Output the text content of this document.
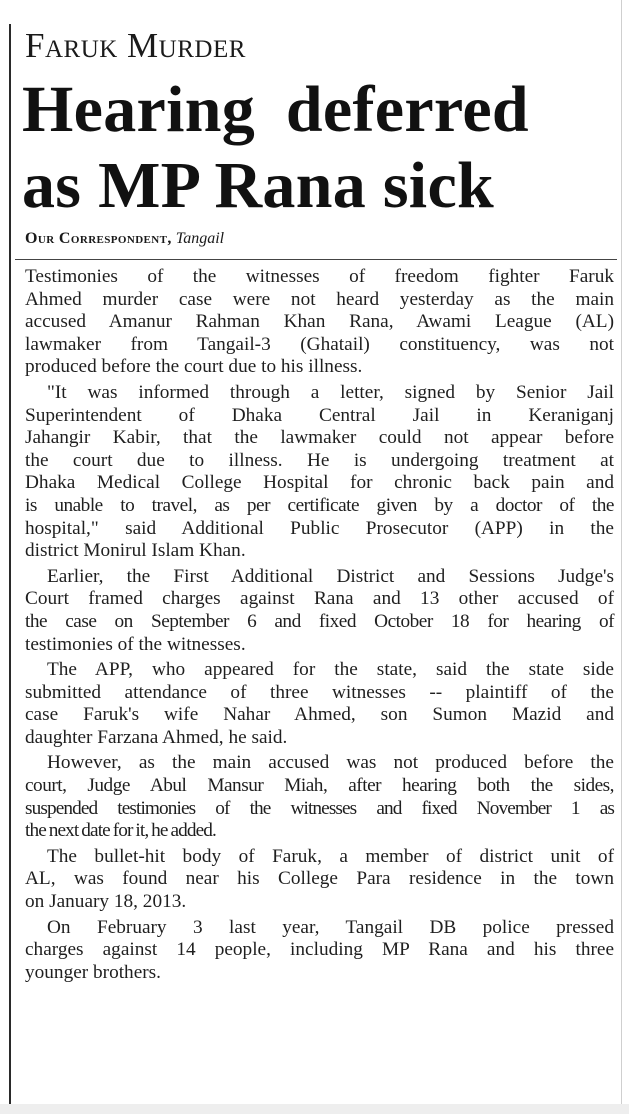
Faruk Murder
Hearing deferred
as MP Rana sick
Our Correspondent, Tangail

Testimonies of the witnesses of freedom fighter Faruk
Ahmed murder case were not heard yesterday as the main
accused Amanur Rahman Khan Rana, Awami League (AL)
lawmaker from Tangail-3 (Ghatail) constituency, was not
produced before the court due to his illness.

"It was informed through a letter, signed by Senior Jail
Superintendent of Dhaka Central Jail in Keraniganj
Jahangir Kabir, that the lawmaker could not appear before
the court due to illness. He is undergoing treatment at
Dhaka Medical College Hospital for chronic back pain and
is unable to travel, as per certificate given by a doctor of the
hospital," said Additional Public Prosecutor (APP) in the
district Monirul Islam Khan.

Earlier, the First Additional District and Sessions Judge's
Court framed charges against Rana and 13 other accused of
the case on September 6 and fixed October 18 for hearing of
testimonies of the witnesses.

The APP, who appeared for the state, said the state side
submitted attendance of three witnesses -- plaintiff of the
case Faruk's wife Nahar Ahmed, son Sumon Mazid and
daughter Farzana Ahmed, he said.

However, as the main accused was not produced before the
court, Judge Abul Mansur Miah, after hearing both the sides,
suspended testimonies of the witnesses and fixed November 1 as
the next date for it, he added.

The bullet-hit body of Faruk, a member of district unit of
AL, was found near his College Para residence in the town
on January 18, 2013.

On February 3 last year, Tangail DB police pressed
charges against 14 people, including MP Rana and his three
younger brothers.
